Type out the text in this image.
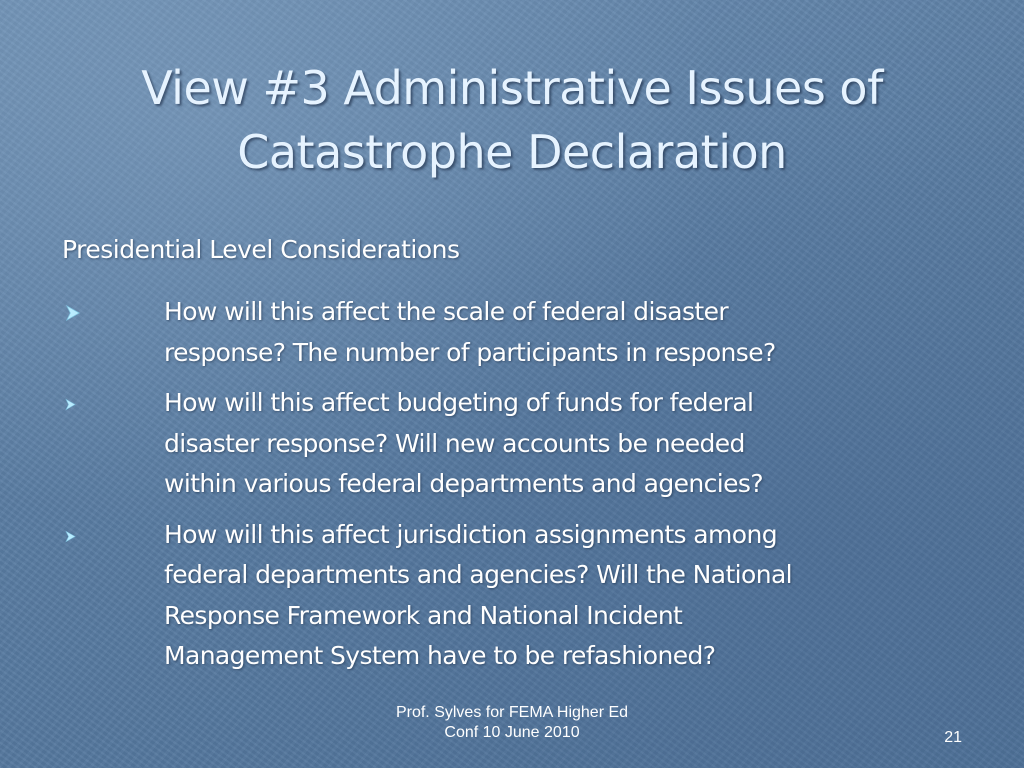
View #3 Administrative Issues of
Catastrophe Declaration
Presidential Level Considerations
How will this affect the scale of federal disaster
response? The number of participants in response?
How will this affect budgeting of funds for federal
disaster response? Will new accounts be needed
within various federal departments and agencies?
How will this affect jurisdiction assignments among
federal departments and agencies? Will the National
Response Framework and National Incident
Management System have to be refashioned?
Prof. Sylves for FEMA Higher Ed
Conf 10 June 2010	21
